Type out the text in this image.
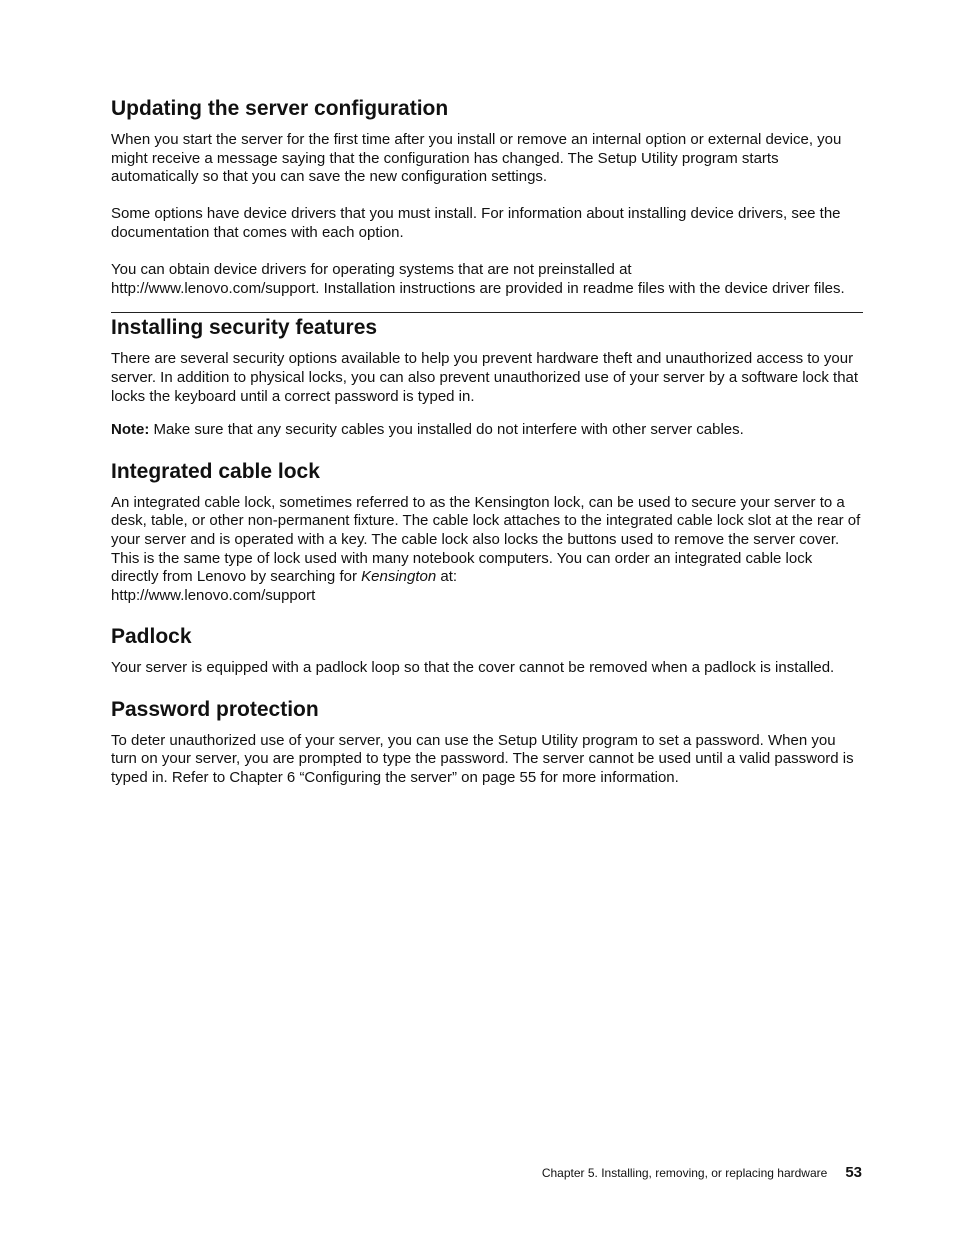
Updating the server configuration

When you start the server for the first time after you install or remove an internal option or external device, you might receive a message saying that the configuration has changed. The Setup Utility program starts automatically so that you can save the new configuration settings.

Some options have device drivers that you must install. For information about installing device drivers, see the documentation that comes with each option.

You can obtain device drivers for operating systems that are not preinstalled at
http://www.lenovo.com/support. Installation instructions are provided in readme files with the device driver files.

Installing security features

There are several security options available to help you prevent hardware theft and unauthorized access to your server. In addition to physical locks, you can also prevent unauthorized use of your server by a software lock that locks the keyboard until a correct password is typed in.

Note: Make sure that any security cables you installed do not interfere with other server cables.

Integrated cable lock

An integrated cable lock, sometimes referred to as the Kensington lock, can be used to secure your server to a desk, table, or other non-permanent fixture. The cable lock attaches to the integrated cable lock slot at the rear of your server and is operated with a key. The cable lock also locks the buttons used to remove the server cover. This is the same type of lock used with many notebook computers. You can order an integrated cable lock directly from Lenovo by searching for Kensington at:
http://www.lenovo.com/support

Padlock

Your server is equipped with a padlock loop so that the cover cannot be removed when a padlock is installed.

Password protection

To deter unauthorized use of your server, you can use the Setup Utility program to set a password. When you turn on your server, you are prompted to type the password. The server cannot be used until a valid password is typed in. Refer to Chapter 6 “Configuring the server” on page 55 for more information.

Chapter 5. Installing, removing, or replacing hardware 53
